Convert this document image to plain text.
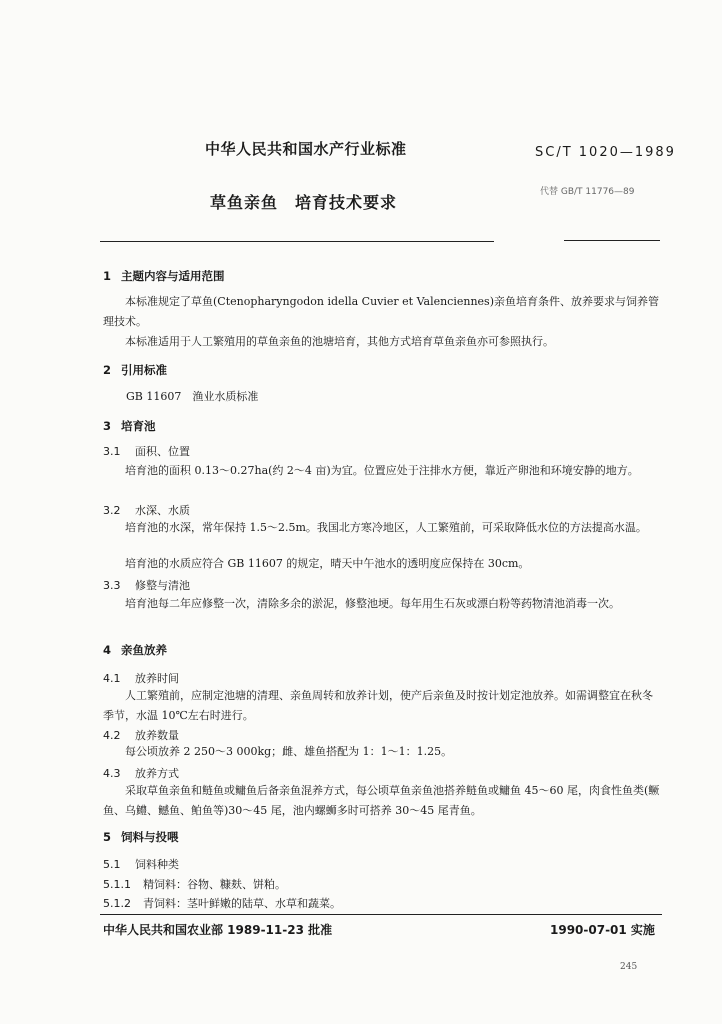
中华人民共和国水产行业标准	SC/T 1020—1989
草鱼亲鱼　培育技术要求
代替 GB/T 11776—89
1 主题内容与适用范围

本标准规定了草鱼(Ctenopharyngodon idella Cuvier et Valenciennes)亲鱼培育条件、放养要求与饲养管理技术。

本标准适用于人工繁殖用的草鱼亲鱼的池塘培育，其他方式培育草鱼亲鱼亦可参照执行。

2 引用标准
GB 11607　渔业水质标准
3 培育池
3.1 面积、位置

培育池的面积 0.13～0.27ha(约 2～4 亩)为宜。位置应处于注排水方便，靠近产卵池和环境安静的地方。

3.2 水深、水质

培育池的水深，常年保持 1.5～2.5m。我国北方寒冷地区，人工繁殖前，可采取降低水位的方法提高水温。

培育池的水质应符合 GB 11607 的规定，晴天中午池水的透明度应保持在 30cm。

3.3 修整与清池

培育池每二年应修整一次，清除多余的淤泥，修整池埂。每年用生石灰或漂白粉等药物清池消毒一次。

4 亲鱼放养
4.1 放养时间

人工繁殖前，应制定池塘的清理、亲鱼周转和放养计划，使产后亲鱼及时按计划定池放养。如需调整宜在秋冬季节，水温 10℃左右时进行。

4.2 放养数量

每公顷放养 2 250～3 000kg；雌、雄鱼搭配为 1：1～1：1.25。

4.3 放养方式

采取草鱼亲鱼和鲢鱼或鳙鱼后备亲鱼混养方式，每公顷草鱼亲鱼池搭养鲢鱼或鳙鱼 45～60 尾，肉食性鱼类(鳜鱼、乌鳢、鳡鱼、鲌鱼等)30～45 尾，池内螺蛳多时可搭养 30～45 尾青鱼。

5 饲料与投喂
5.1 饲料种类
5.1.1 精饲料：谷物、糠麸、饼粕。
5.1.2 青饲料：茎叶鲜嫩的陆草、水草和蔬菜。
中华人民共和国农业部 1989-11-23 批准	1990-07-01 实施
245
